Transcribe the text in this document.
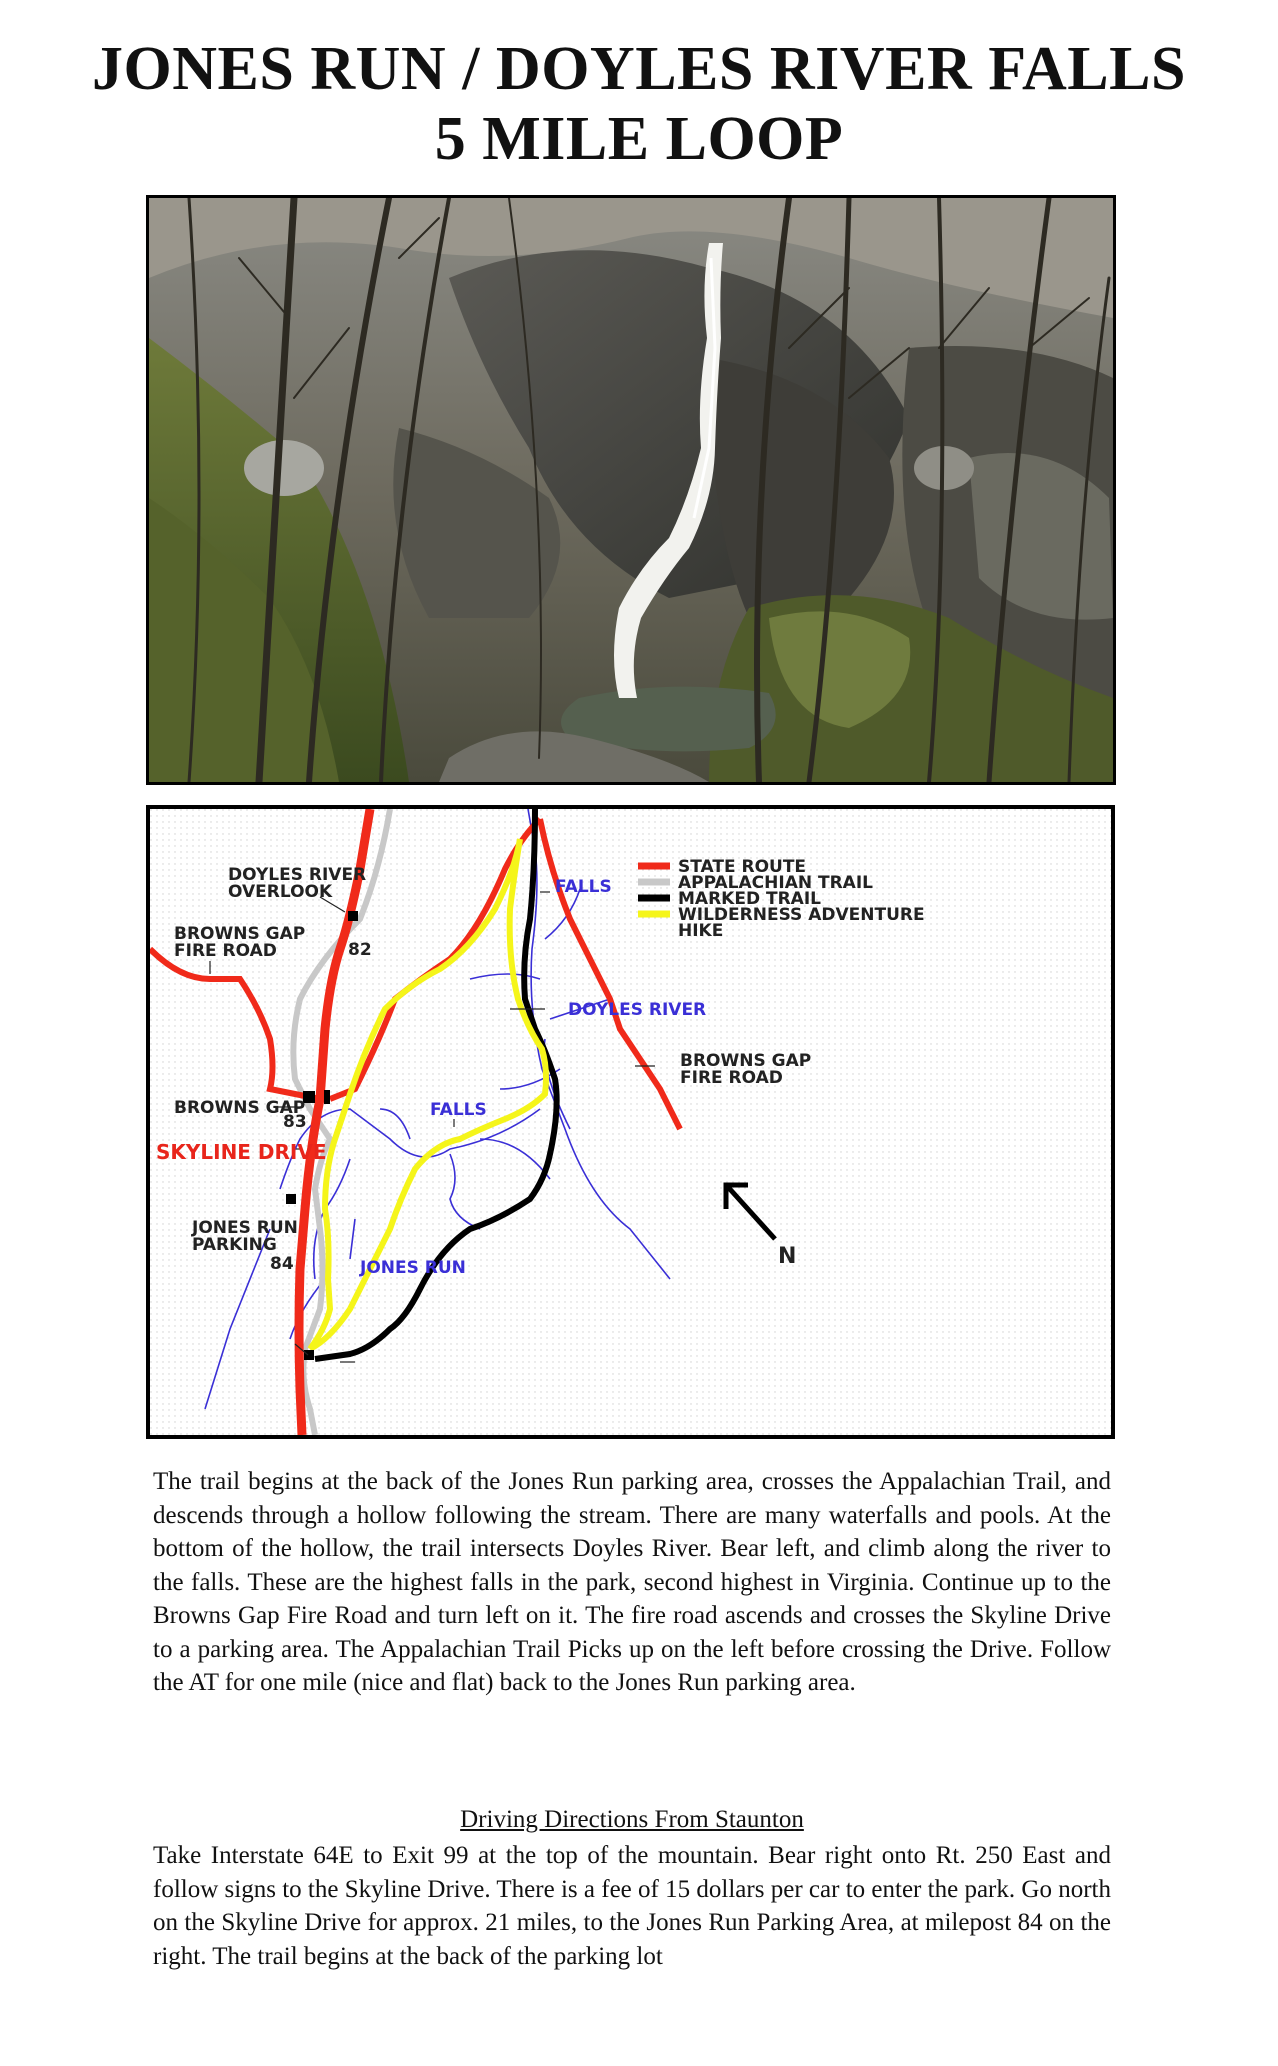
JONES RUN / DOYLES RIVER FALLS
5 MILE LOOP
DOYLES RIVER
OVERLOOK
BROWNS GAP
FIRE ROAD	82
BROWNS GAP
83
SKYLINE DRIVE
JONES RUN
PARKING
84	JONES RUN
FALLS
FALLS
DOYLES RIVER
BROWNS GAP
FIRE ROAD
N
STATE ROUTE
APPALACHIAN TRAIL
MARKED TRAIL
WILDERNESS ADVENTURE
HIKE

The trail begins at the back of the Jones Run parking area, crosses the Appalachian Trail, and descends through a hollow following the stream. There are many waterfalls and pools. At the bottom of the hollow, the trail intersects Doyles River. Bear left, and climb along the river to the falls. These are the highest falls in the park, second highest in Virginia. Continue up to the Browns Gap Fire Road and turn left on it. The fire road ascends and crosses the Skyline Drive to a parking area. The Appalachian Trail Picks up on the left before crossing the Drive. Follow the AT for one mile (nice and flat) back to the Jones Run parking area.

Driving Directions From Staunton

Take Interstate 64E to Exit 99 at the top of the mountain. Bear right onto Rt. 250 East and follow signs to the Skyline Drive. There is a fee of 15 dollars per car to enter the park. Go north on the Skyline Drive for approx. 21 miles, to the Jones Run Parking Area, at milepost 84 on the right. The trail begins at the back of the parking lot
